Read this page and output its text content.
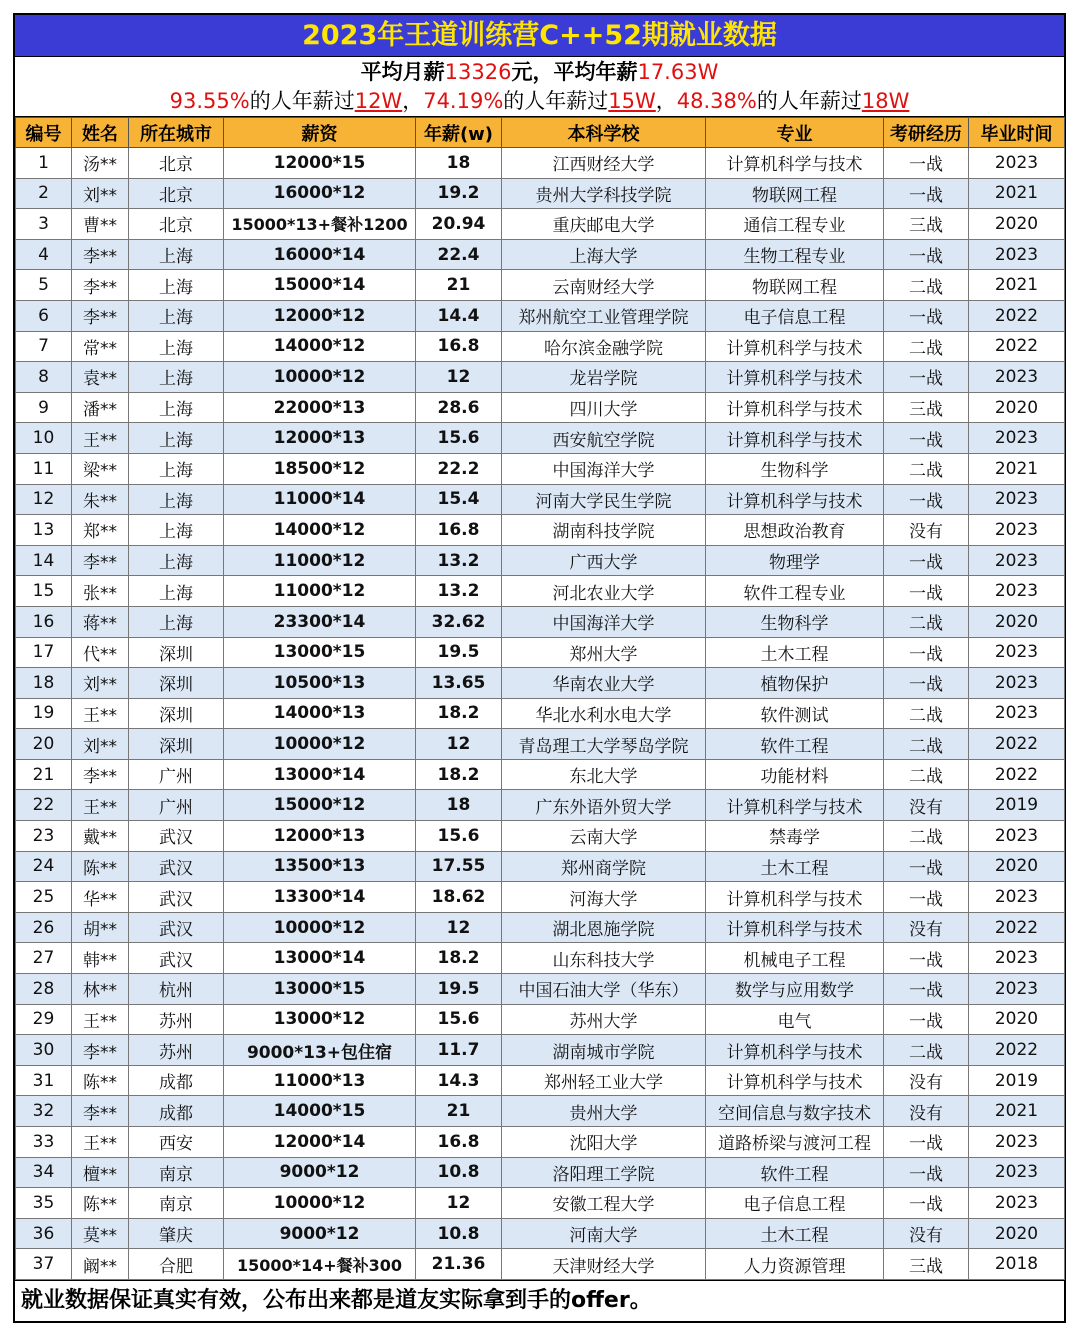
2023年王道训练营C++52期就业数据
平均月薪13326元，平均年薪17.63W
93.55%的人年薪过12W，74.19%的人年薪过15W，48.38%的人年薪过18W
编号	姓名	所在城市	薪资	年薪(w)	本科学校	专业	考研经历	毕业时间
1	汤**	北京	12000*15	18	江西财经大学	计算机科学与技术	一战	2023
2	刘**	北京	16000*12	19.2	贵州大学科技学院	物联网工程	一战	2021
3	曹**	北京	15000*13+餐补1200	20.94	重庆邮电大学	通信工程专业	三战	2020
4	李**	上海	16000*14	22.4	上海大学	生物工程专业	一战	2023
5	李**	上海	15000*14	21	云南财经大学	物联网工程	二战	2021
6	李**	上海	12000*12	14.4	郑州航空工业管理学院	电子信息工程	一战	2022
7	常**	上海	14000*12	16.8	哈尔滨金融学院	计算机科学与技术	二战	2022
8	袁**	上海	10000*12	12	龙岩学院	计算机科学与技术	一战	2023
9	潘**	上海	22000*13	28.6	四川大学	计算机科学与技术	三战	2020
10	王**	上海	12000*13	15.6	西安航空学院	计算机科学与技术	一战	2023
11	梁**	上海	18500*12	22.2	中国海洋大学	生物科学	二战	2021
12	朱**	上海	11000*14	15.4	河南大学民生学院	计算机科学与技术	一战	2023
13	郑**	上海	14000*12	16.8	湖南科技学院	思想政治教育	没有	2023
14	李**	上海	11000*12	13.2	广西大学	物理学	一战	2023
15	张**	上海	11000*12	13.2	河北农业大学	软件工程专业	一战	2023
16	蒋**	上海	23300*14	32.62	中国海洋大学	生物科学	二战	2020
17	代**	深圳	13000*15	19.5	郑州大学	土木工程	一战	2023
18	刘**	深圳	10500*13	13.65	华南农业大学	植物保护	一战	2023
19	王**	深圳	14000*13	18.2	华北水利水电大学	软件测试	二战	2023
20	刘**	深圳	10000*12	12	青岛理工大学琴岛学院	软件工程	二战	2022
21	李**	广州	13000*14	18.2	东北大学	功能材料	二战	2022
22	王**	广州	15000*12	18	广东外语外贸大学	计算机科学与技术	没有	2019
23	戴**	武汉	12000*13	15.6	云南大学	禁毒学	二战	2023
24	陈**	武汉	13500*13	17.55	郑州商学院	土木工程	一战	2020
25	华**	武汉	13300*14	18.62	河海大学	计算机科学与技术	一战	2023
26	胡**	武汉	10000*12	12	湖北恩施学院	计算机科学与技术	没有	2022
27	韩**	武汉	13000*14	18.2	山东科技大学	机械电子工程	一战	2023
28	林**	杭州	13000*15	19.5	中国石油大学（华东）	数学与应用数学	一战	2023
29	王**	苏州	13000*12	15.6	苏州大学	电气	一战	2020
30	李**	苏州	9000*13+包住宿	11.7	湖南城市学院	计算机科学与技术	二战	2022
31	陈**	成都	11000*13	14.3	郑州轻工业大学	计算机科学与技术	没有	2019
32	李**	成都	14000*15	21	贵州大学	空间信息与数字技术	没有	2021
33	王**	西安	12000*14	16.8	沈阳大学	道路桥梁与渡河工程	一战	2023
34	檀**	南京	9000*12	10.8	洛阳理工学院	软件工程	一战	2023
35	陈**	南京	10000*12	12	安徽工程大学	电子信息工程	一战	2023
36	莫**	肇庆	9000*12	10.8	河南大学	土木工程	没有	2020
37	阚**	合肥	15000*14+餐补300	21.36	天津财经大学	人力资源管理	三战	2018
就业数据保证真实有效，公布出来都是道友实际拿到手的offer。
